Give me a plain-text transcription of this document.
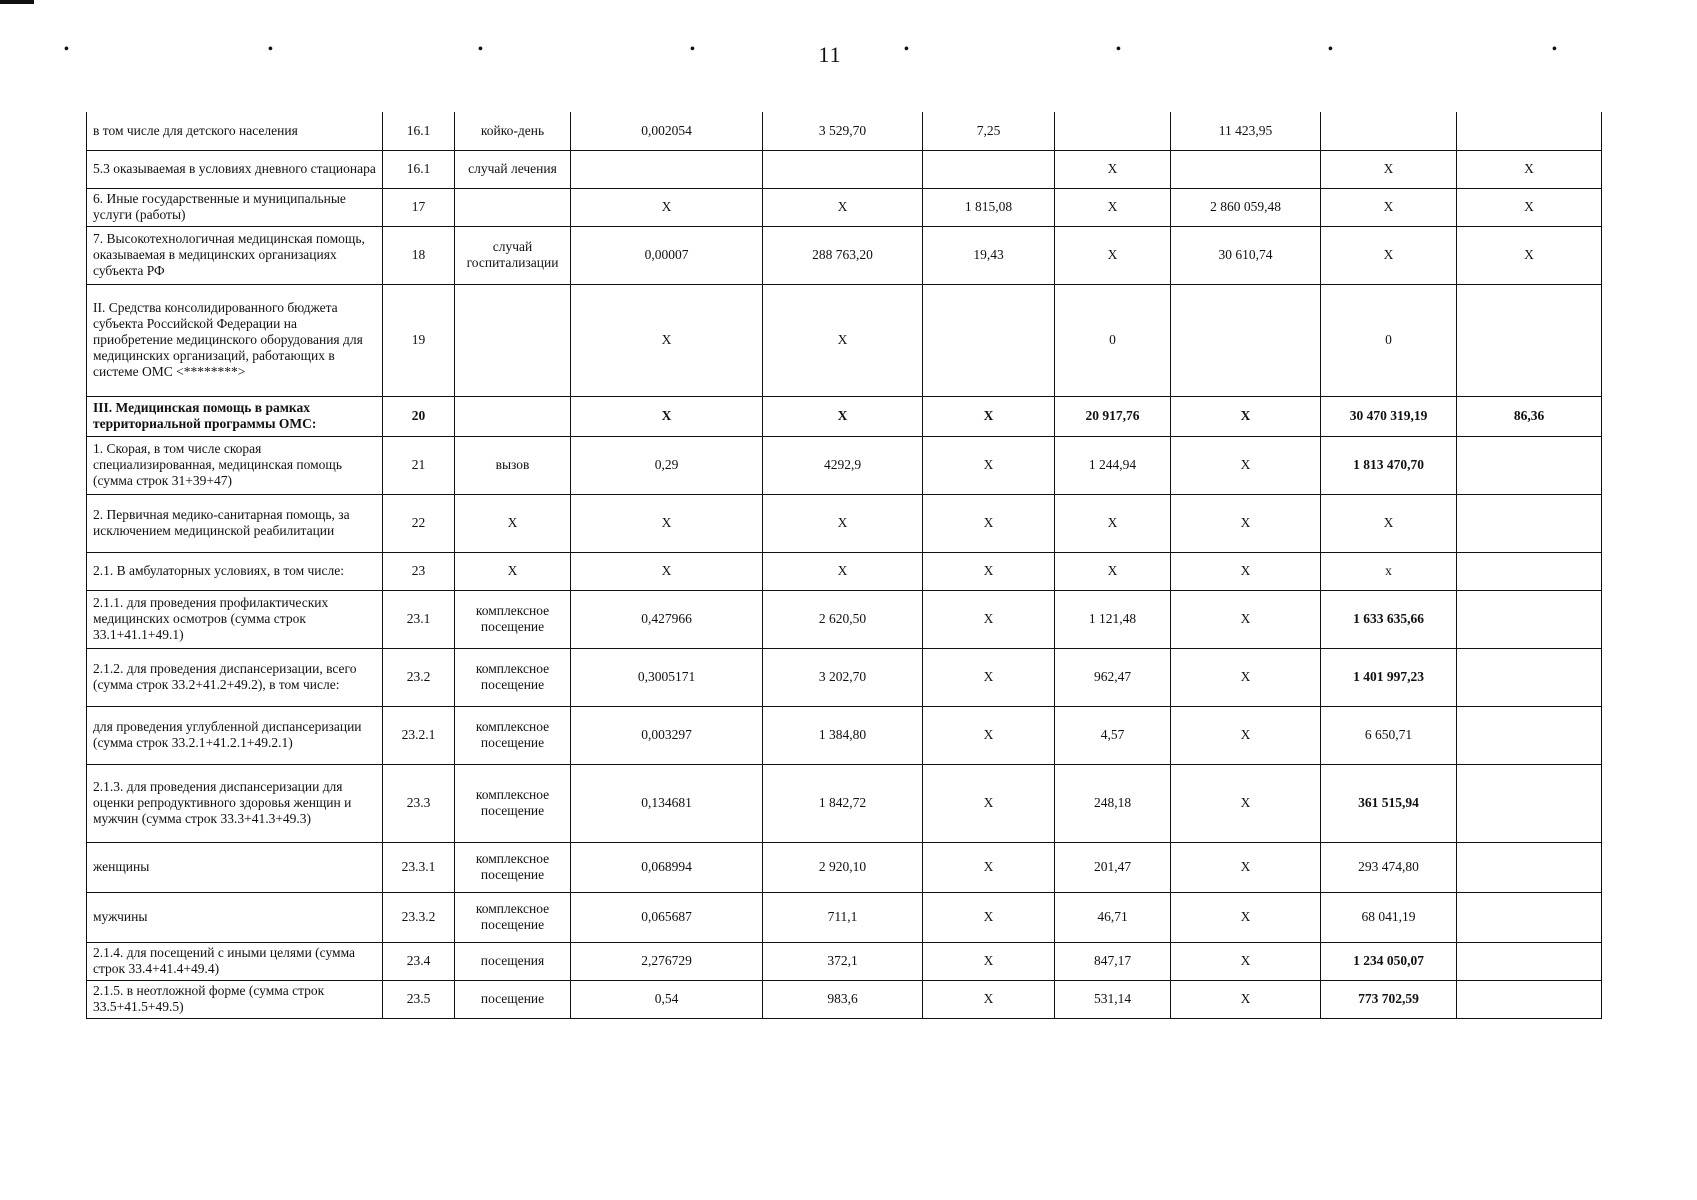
•	•	•	•	•	•	•	•
11
в том числе для детского населения	16.1	койко-день	0,002054	3 529,70	7,25		11 423,95		
5.3 оказываемая в условиях дневного стационара	16.1	случай лечения				Х		Х	Х
6. Иные государственные и муниципальные услуги (работы)	17		Х	Х	1 815,08	Х	2 860 059,48	Х	Х
7. Высокотехнологичная медицинская помощь, оказываемая в медицинских организациях субъекта РФ	18	случай госпитализации	0,00007	288 763,20	19,43	Х	30 610,74	Х	Х
II. Средства консолидированного бюджета субъекта Российской Федерации на приобретение медицинского оборудования для медицинских организаций, работающих в системе ОМС <********>	19		Х	Х		0		0	
III. Медицинская помощь в рамках территориальной программы ОМС:	20		Х	Х	Х	20 917,76	Х	30 470 319,19	86,36
1. Скорая, в том числе скорая специализированная, медицинская помощь (сумма строк 31+39+47)	21	вызов	0,29	4292,9	Х	1 244,94	Х	1 813 470,70	
2. Первичная медико-санитарная помощь, за исключением медицинской реабилитации	22	Х	Х	Х	Х	Х	Х	Х	
2.1. В амбулаторных условиях, в том числе:	23	Х	Х	Х	Х	Х	Х	х	
2.1.1. для проведения профилактических медицинских осмотров (сумма строк 33.1+41.1+49.1)	23.1	комплексное посещение	0,427966	2 620,50	Х	1 121,48	Х	1 633 635,66	
2.1.2. для проведения диспансеризации, всего (сумма строк 33.2+41.2+49.2), в том числе:	23.2	комплексное посещение	0,3005171	3 202,70	Х	962,47	Х	1 401 997,23	
для проведения углубленной диспансеризации (сумма строк 33.2.1+41.2.1+49.2.1)	23.2.1	комплексное посещение	0,003297	1 384,80	Х	4,57	Х	6 650,71	
2.1.3. для проведения диспансеризации для оценки репродуктивного здоровья женщин и мужчин (сумма строк 33.3+41.3+49.3)	23.3	комплексное посещение	0,134681	1 842,72	Х	248,18	Х	361 515,94	
женщины	23.3.1	комплексное посещение	0,068994	2 920,10	Х	201,47	Х	293 474,80	
мужчины	23.3.2	комплексное посещение	0,065687	711,1	Х	46,71	Х	68 041,19	
2.1.4. для посещений с иными целями (сумма строк 33.4+41.4+49.4)	23.4	посещения	2,276729	372,1	Х	847,17	Х	1 234 050,07	
2.1.5. в неотложной форме (сумма строк 33.5+41.5+49.5)	23.5	посещение	0,54	983,6	Х	531,14	Х	773 702,59	
